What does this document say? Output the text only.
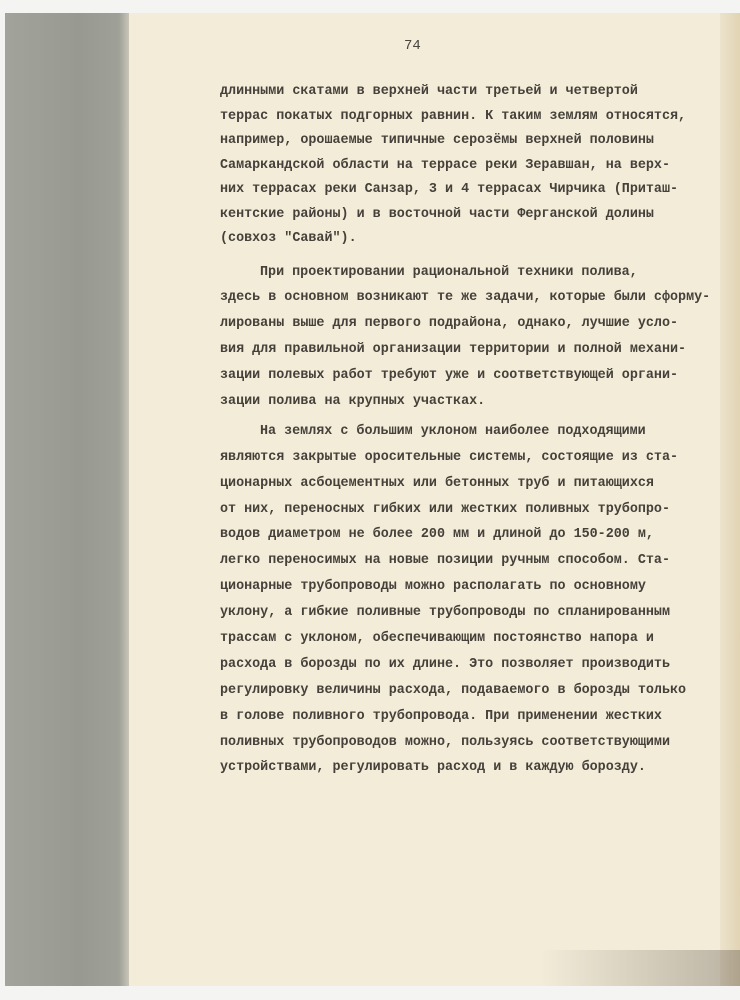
74
длинными скатами в верхней части третьей и четвертой
террас покатых подгорных равнин. К таким землям относятся,
например, орошаемые типичные серозёмы верхней половины
Самаркандской области на террасе реки Зеравшан, на верх-
них террасах реки Санзар, 3 и 4 террасах Чирчика (Приташ-
кентские районы) и в восточной части Ферганской долины
(совхоз "Савай").
При проектировании рациональной техники полива,
здесь в основном возникают те же задачи, которые были сформу-
лированы выше для первого подрайона, однако, лучшие усло-
вия для правильной организации территории и полной механи-
зации полевых работ требуют уже и соответствующей органи-
зации полива на крупных участках.
На землях с большим уклоном наиболее подходящими
являются закрытые оросительные системы, состоящие из ста-
ционарных асбоцементных или бетонных труб и питающихся
от них, переносных гибких или жестких поливных трубопро-
водов диаметром не более 200 мм и длиной до 150-200 м,
легко переносимых на новые позиции ручным способом. Ста-
ционарные трубопроводы можно располагать по основному
уклону, а гибкие поливные трубопроводы по спланированным
трассам с уклоном, обеспечивающим постоянство напора и
расхода в борозды по их длине. Это позволяет производить
регулировку величины расхода, подаваемого в борозды только
в голове поливного трубопровода. При применении жестких
поливных трубопроводов можно, пользуясь соответствующими
устройствами, регулировать расход и в каждую борозду.
